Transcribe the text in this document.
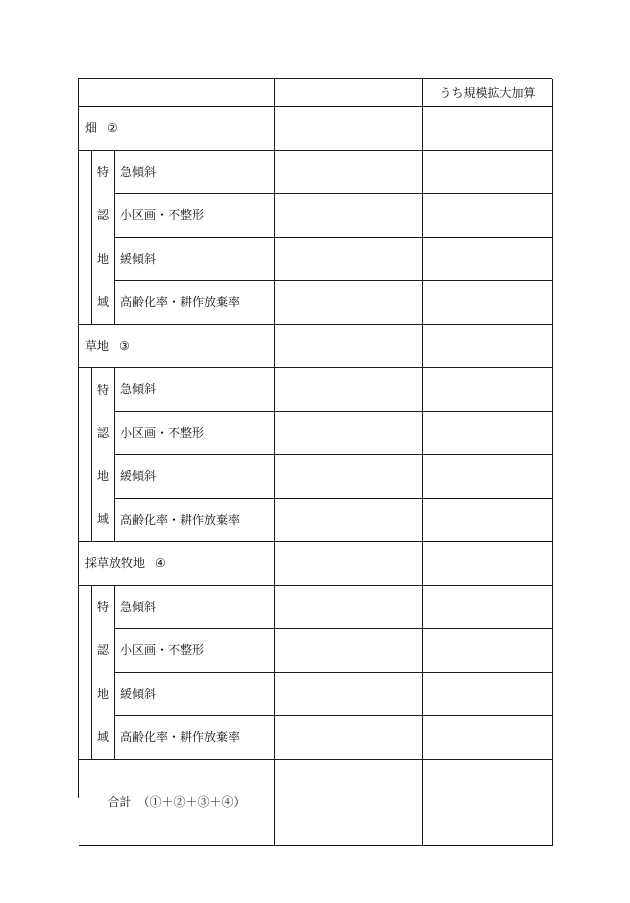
うち規模拡大加算
畑 ②
特
認
地
域
急傾斜
小区画・不整形
緩傾斜
高齢化率・耕作放棄率
草地 ③
特
認
地
域
急傾斜
小区画・不整形
緩傾斜
高齢化率・耕作放棄率
採草放牧地 ④
特
認
地
域
急傾斜
小区画・不整形
緩傾斜
高齢化率・耕作放棄率
合計 （①＋②＋③＋④）
